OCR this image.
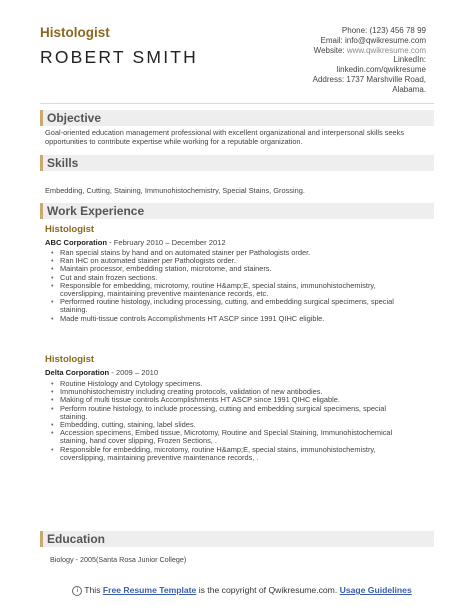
Histologist
ROBERT SMITH
Phone: (123) 456 78 99
Email: info@qwikresume.com
Website: www.qwikresume.com
LinkedIn:
linkedin.com/qwikresume
Address: 1737 Marshville Road,
Alabama.
Objective
Goal-oriented education management professional with excellent organizational and interpersonal skills seeks opportunities to contribute expertise while working for a reputable organization.
Skills
Embedding, Cutting, Staining, Immunohistochemistry, Special Stains, Grossing.
Work Experience
Histologist
ABC Corporation - February 2010 – December 2012
• Ran special stains by hand and on automated stainer per Pathologists order.
• Ran IHC on automated stainer per Pathologists order.
• Maintain processor, embedding station, microtome, and stainers.
• Cut and stain frozen sections.
• Responsible for embedding, microtomy, routine H&amp;E, special stains, immunohistochemistry, coverslipping, maintaining preventive maintenance records, etc.
• Performed routine histology, including processing, cutting, and embedding surgical specimens, special staining.
• Made multi-tissue controls Accomplishments HT ASCP since 1991 QIHC eligible.
Histologist
Delta Corporation - 2009 – 2010
• Routine Histology and Cytology specimens.
• Immunohistochemistry including creating protocols, validation of new antibodies.
• Making of multi tissue controls Accomplishments HT ASCP since 1991 QIHC eligable.
• Perform routine histology, to include processing, cutting and embedding surgical specimens, special staining.
• Embedding, cutting, staining, label slides.
• Accession specimens, Embed tissue, Microtomy, Routine and Special Staining, Immunohistochemical staining, hand cover slipping, Frozen Sections, .
• Responsible for embedding, microtomy, routine H&amp;E, special stains, immunohistochemistry, coverslipping, maintaining preventive maintenance records, .
Education
Biology - 2005(Santa Rosa Junior College)
i This Free Resume Template is the copyright of Qwikresume.com. Usage Guidelines
